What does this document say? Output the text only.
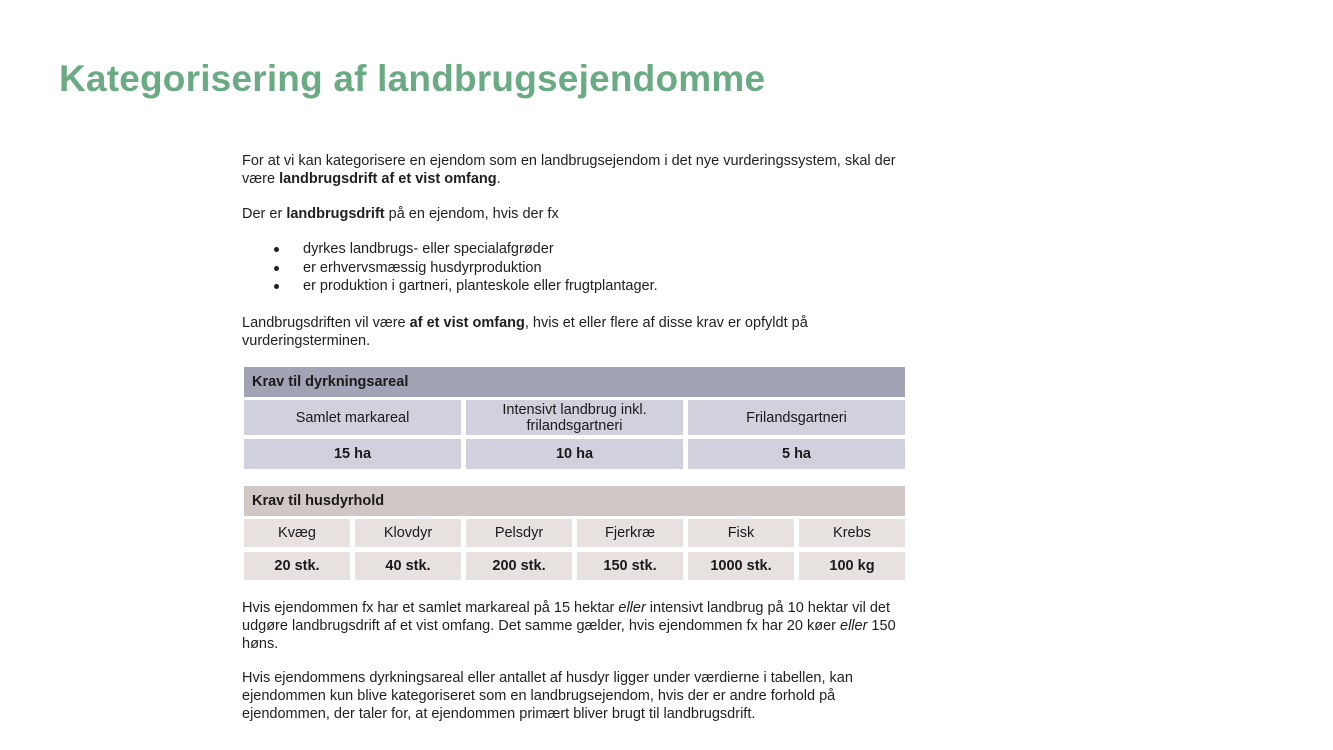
Kategorisering af landbrugsejendomme

For at vi kan kategorisere en ejendom som en landbrugsejendom i det nye vurderingssystem, skal der være landbrugsdrift af et vist omfang.

Der er landbrugsdrift på en ejendom, hvis der fx

dyrkes landbrugs- eller specialafgrøder
er erhvervsmæssig husdyrproduktion
er produktion i gartneri, planteskole eller frugtplantager.

Landbrugsdriften vil være af et vist omfang, hvis et eller flere af disse krav er opfyldt på vurderingsterminen.

Hvis ejendommen fx har et samlet markareal på 15 hektar eller intensivt landbrug på 10 hektar vil det udgøre landbrugsdrift af et vist omfang. Det samme gælder, hvis ejendommen fx har 20 køer eller 150 høns.

Hvis ejendommens dyrkningsareal eller antallet af husdyr ligger under værdierne i tabellen, kan ejendommen kun blive kategoriseret som en landbrugsejendom, hvis der er andre forhold på ejendommen, der taler for, at ejendommen primært bliver brugt til landbrugsdrift.

Krav til dyrkningsareal
Samlet markareal	Intensivt landbrug inkl. frilandsgartneri	Frilandsgartneri
15 ha	10 ha	5 ha
Krav til husdyrhold
Kvæg	Klovdyr	Pelsdyr	Fjerkræ	Fisk	Krebs
20 stk.	40 stk.	200 stk.	150 stk.	1000 stk.	100 kg
